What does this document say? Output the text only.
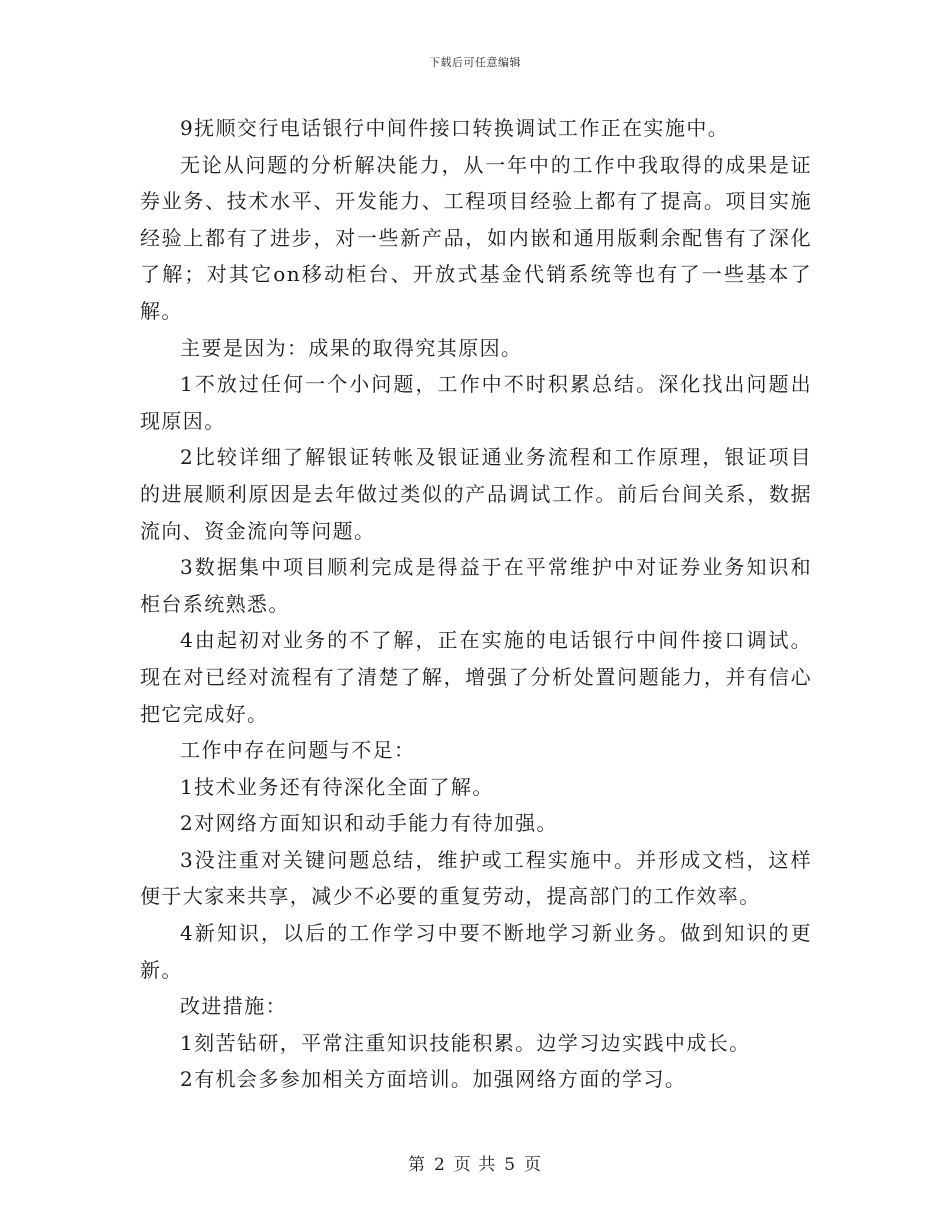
下载后可任意编辑

9抚顺交行电话银行中间件接口转换调试工作正在实施中。

无论从问题的分析解决能力，从一年中的工作中我取得的成果是证券业务、技术水平、开发能力、工程项目经验上都有了提高。项目实施经验上都有了进步，对一些新产品，如内嵌和通用版剩余配售有了深化了解；对其它on移动柜台、开放式基金代销系统等也有了一些基本了解。

主要是因为：成果的取得究其原因。

1不放过任何一个小问题，工作中不时积累总结。深化找出问题出现原因。

2比较详细了解银证转帐及银证通业务流程和工作原理，银证项目的进展顺利原因是去年做过类似的产品调试工作。前后台间关系，数据流向、资金流向等问题。

3数据集中项目顺利完成是得益于在平常维护中对证券业务知识和柜台系统熟悉。

4由起初对业务的不了解，正在实施的电话银行中间件接口调试。现在对已经对流程有了清楚了解，增强了分析处置问题能力，并有信心把它完成好。

工作中存在问题与不足：

1技术业务还有待深化全面了解。

2对网络方面知识和动手能力有待加强。

3没注重对关键问题总结，维护或工程实施中。并形成文档，这样便于大家来共享，减少不必要的重复劳动，提高部门的工作效率。

4新知识，以后的工作学习中要不断地学习新业务。做到知识的更新。

改进措施：

1刻苦钻研，平常注重知识技能积累。边学习边实践中成长。

2有机会多参加相关方面培训。加强网络方面的学习。

第 2 页 共 5 页
